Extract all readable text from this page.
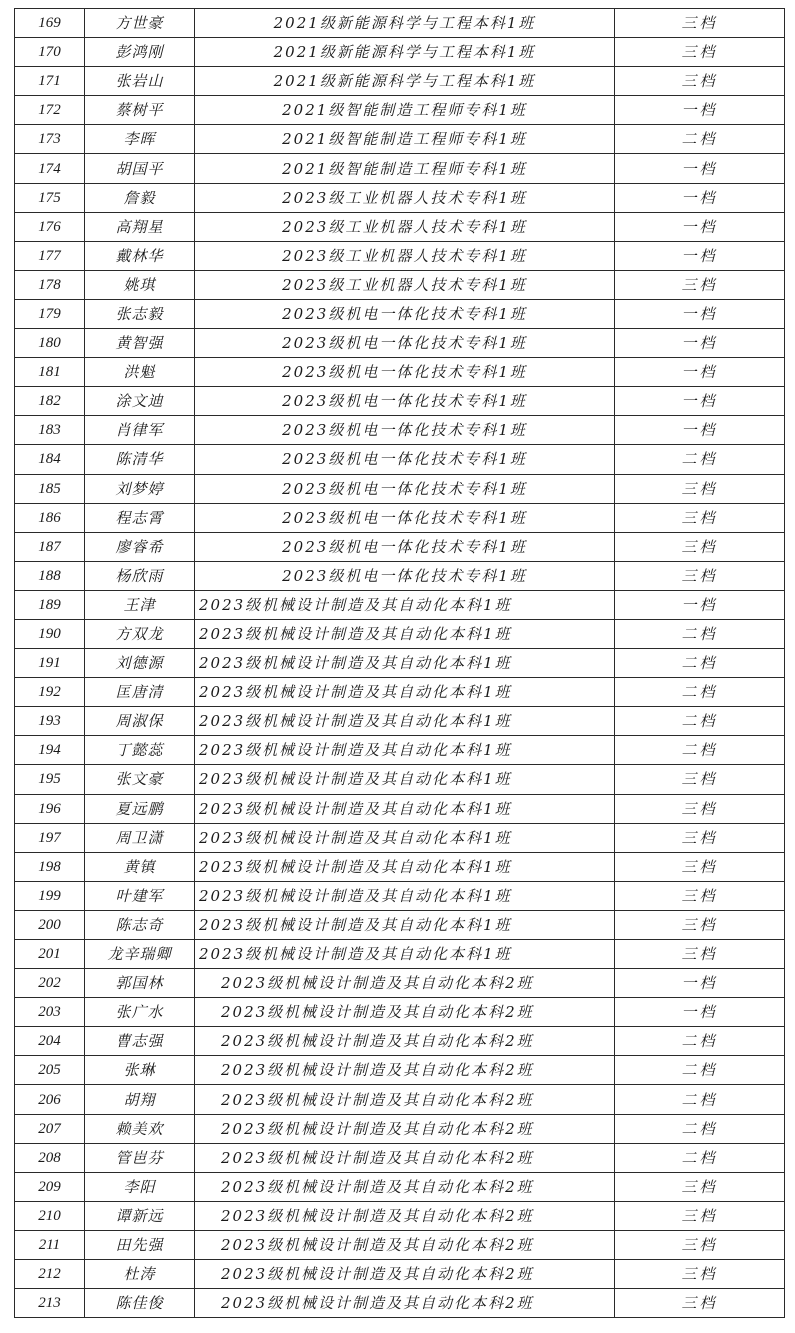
169	方世豪	2021级新能源科学与工程本科1班	三档
170	彭鸿刚	2021级新能源科学与工程本科1班	三档
171	张岩山	2021级新能源科学与工程本科1班	三档
172	蔡树平	2021级智能制造工程师专科1班	一档
173	李晖	2021级智能制造工程师专科1班	二档
174	胡国平	2021级智能制造工程师专科1班	一档
175	詹毅	2023级工业机器人技术专科1班	一档
176	高翔星	2023级工业机器人技术专科1班	一档
177	戴林华	2023级工业机器人技术专科1班	一档
178	姚琪	2023级工业机器人技术专科1班	三档
179	张志毅	2023级机电一体化技术专科1班	一档
180	黄智强	2023级机电一体化技术专科1班	一档
181	洪魁	2023级机电一体化技术专科1班	一档
182	涂文迪	2023级机电一体化技术专科1班	一档
183	肖律军	2023级机电一体化技术专科1班	一档
184	陈清华	2023级机电一体化技术专科1班	二档
185	刘梦婷	2023级机电一体化技术专科1班	三档
186	程志霄	2023级机电一体化技术专科1班	三档
187	廖睿希	2023级机电一体化技术专科1班	三档
188	杨欣雨	2023级机电一体化技术专科1班	三档
189	王津	2023级机械设计制造及其自动化本科1班	一档
190	方双龙	2023级机械设计制造及其自动化本科1班	二档
191	刘德源	2023级机械设计制造及其自动化本科1班	二档
192	匡唐清	2023级机械设计制造及其自动化本科1班	二档
193	周淑保	2023级机械设计制造及其自动化本科1班	二档
194	丁懿蕊	2023级机械设计制造及其自动化本科1班	二档
195	张文豪	2023级机械设计制造及其自动化本科1班	三档
196	夏远鹏	2023级机械设计制造及其自动化本科1班	三档
197	周卫潇	2023级机械设计制造及其自动化本科1班	三档
198	黄镇	2023级机械设计制造及其自动化本科1班	三档
199	叶建军	2023级机械设计制造及其自动化本科1班	三档
200	陈志奇	2023级机械设计制造及其自动化本科1班	三档
201	龙辛瑞卿	2023级机械设计制造及其自动化本科1班	三档
202	郭国林	2023级机械设计制造及其自动化本科2班	一档
203	张广水	2023级机械设计制造及其自动化本科2班	一档
204	曹志强	2023级机械设计制造及其自动化本科2班	二档
205	张琳	2023级机械设计制造及其自动化本科2班	二档
206	胡翔	2023级机械设计制造及其自动化本科2班	二档
207	赖美欢	2023级机械设计制造及其自动化本科2班	二档
208	管岜芬	2023级机械设计制造及其自动化本科2班	二档
209	李阳	2023级机械设计制造及其自动化本科2班	三档
210	谭新远	2023级机械设计制造及其自动化本科2班	三档
211	田先强	2023级机械设计制造及其自动化本科2班	三档
212	杜涛	2023级机械设计制造及其自动化本科2班	三档
213	陈佳俊	2023级机械设计制造及其自动化本科2班	三档
